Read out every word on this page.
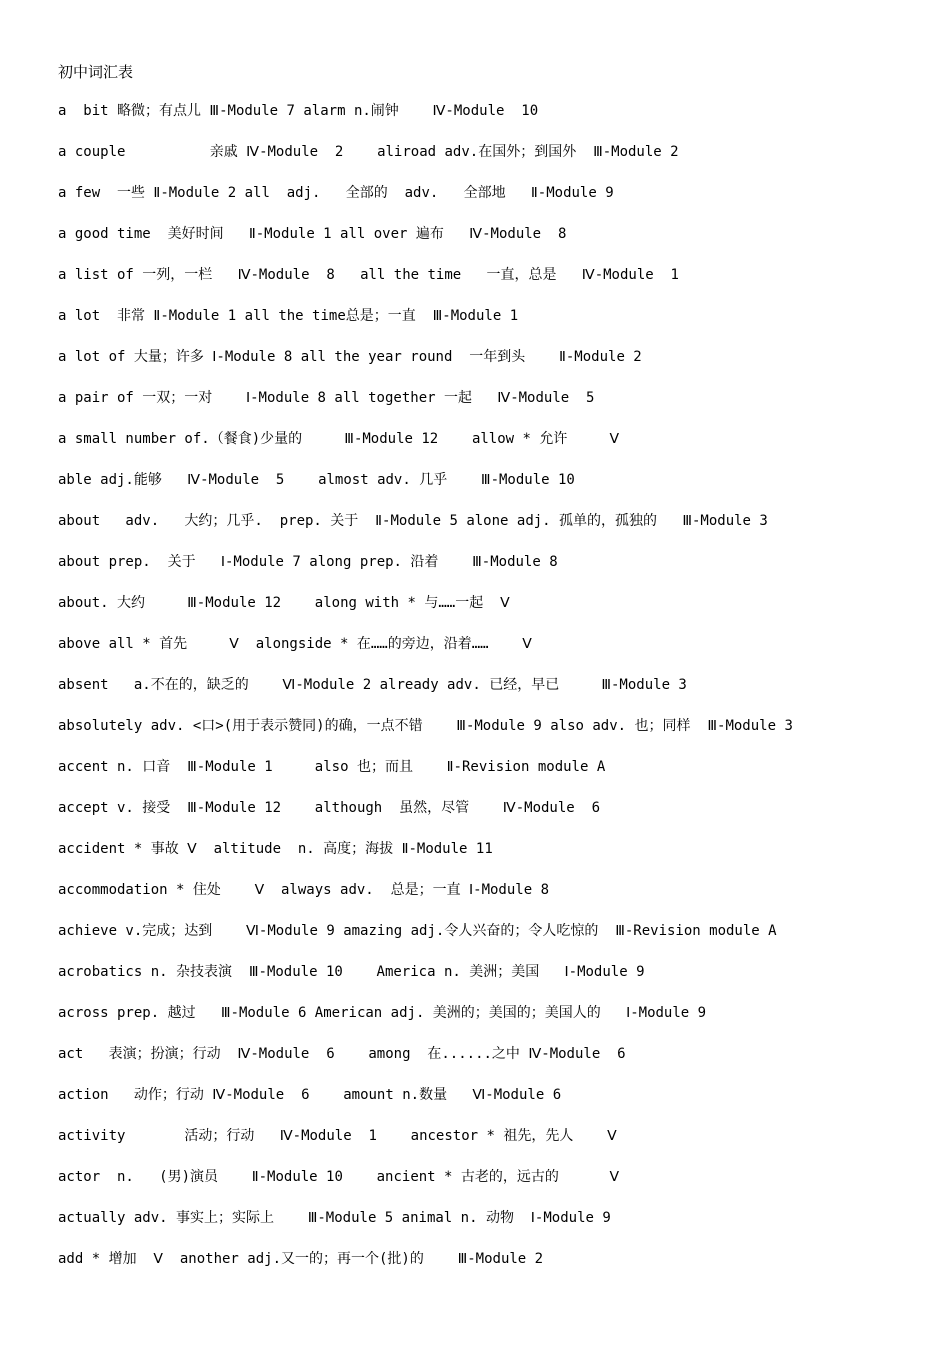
初中词汇表
a  bit 略微；有点儿 Ⅲ-Module 7 alarm n.闹钟    Ⅳ-Module  10
a couple          亲戚 Ⅳ-Module  2    aliroad adv.在国外；到国外  Ⅲ-Module 2
a few  一些 Ⅱ-Module 2 all  adj.   全部的  adv.   全部地   Ⅱ-Module 9
a good time  美好时间   Ⅱ-Module 1 all over 遍布   Ⅳ-Module  8
a list of 一列，一栏   Ⅳ-Module  8   all the time   一直，总是   Ⅳ-Module  1
a lot  非常 Ⅱ-Module 1 all the time总是；一直  Ⅲ-Module 1
a lot of 大量；许多 Ⅰ-Module 8 all the year round  一年到头    Ⅱ-Module 2
a pair of 一双；一对    Ⅰ-Module 8 all together 一起   Ⅳ-Module  5
a small number of.（餐食)少量的     Ⅲ-Module 12    allow * 允许     Ⅴ
able adj.能够   Ⅳ-Module  5    almost adv. 几乎    Ⅲ-Module 10
about   adv.   大约；几乎.  prep. 关于  Ⅱ-Module 5 alone adj. 孤单的，孤独的   Ⅲ-Module 3
about prep.  关于   Ⅰ-Module 7 along prep. 沿着    Ⅲ-Module 8
about. 大约     Ⅲ-Module 12    along with * 与……一起  Ⅴ
above all * 首先     Ⅴ  alongside * 在……的旁边，沿着……    Ⅴ
absent   a.不在的，缺乏的    Ⅵ-Module 2 already adv. 已经，早已     Ⅲ-Module 3
absolutely adv. <口>(用于表示赞同)的确，一点不错    Ⅲ-Module 9 also adv. 也；同样  Ⅲ-Module 3
accent n. 口音  Ⅲ-Module 1     also 也；而且    Ⅱ-Revision module A
accept v. 接受  Ⅲ-Module 12    although  虽然，尽管    Ⅳ-Module  6
accident * 事故 Ⅴ  altitude  n. 高度；海拔 Ⅱ-Module 11
accommodation * 住处    Ⅴ  always adv.  总是；一直 Ⅰ-Module 8
achieve v.完成；达到    Ⅵ-Module 9 amazing adj.令人兴奋的；令人吃惊的  Ⅲ-Revision module A
acrobatics n. 杂技表演  Ⅲ-Module 10    America n. 美洲；美国   Ⅰ-Module 9
across prep. 越过   Ⅲ-Module 6 American adj. 美洲的；美国的；美国人的   Ⅰ-Module 9
act   表演；扮演；行动  Ⅳ-Module  6    among  在......之中 Ⅳ-Module  6
action   动作；行动 Ⅳ-Module  6    amount n.数量   Ⅵ-Module 6
activity       活动；行动   Ⅳ-Module  1    ancestor * 祖先，先人    Ⅴ
actor  n.   (男)演员    Ⅱ-Module 10    ancient * 古老的，远古的      Ⅴ
actually adv. 事实上；实际上    Ⅲ-Module 5 animal n. 动物  Ⅰ-Module 9
add * 增加  Ⅴ  another adj.又一的；再一个(批)的    Ⅲ-Module 2
